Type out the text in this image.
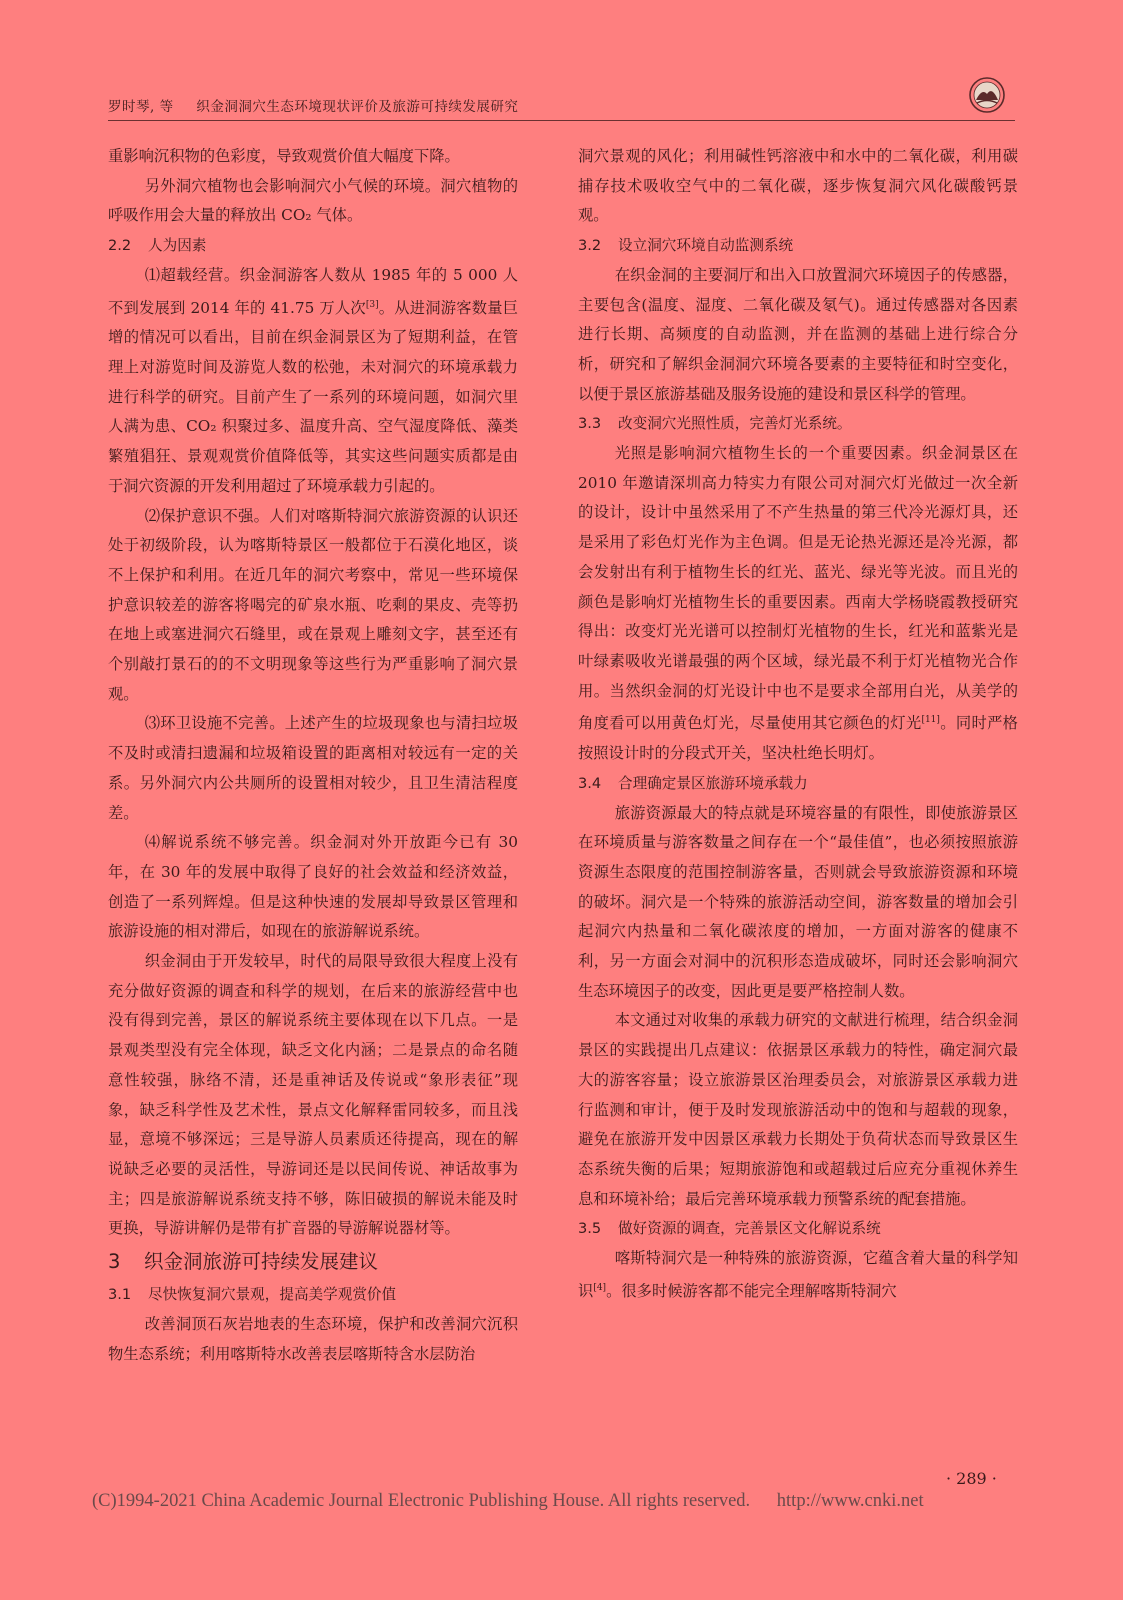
罗时琴, 等 织金洞洞穴生态环境现状评价及旅游可持续发展研究

重影响沉积物的色彩度，导致观赏价值大幅度下降。

另外洞穴植物也会影响洞穴小气候的环境。洞穴植物的呼吸作用会大量的释放出 CO₂ 气体。

2.2 人为因素

⑴超载经营。织金洞游客人数从 1985 年的 5 000 人不到发展到 2014 年的 41.75 万人次[3]。从进洞游客数量巨增的情况可以看出，目前在织金洞景区为了短期利益，在管理上对游览时间及游览人数的松弛，未对洞穴的环境承载力进行科学的研究。目前产生了一系列的环境问题，如洞穴里人满为患、CO₂ 积聚过多、温度升高、空气湿度降低、藻类繁殖猖狂、景观观赏价值降低等，其实这些问题实质都是由于洞穴资源的开发利用超过了环境承载力引起的。

⑵保护意识不强。人们对喀斯特洞穴旅游资源的认识还处于初级阶段，认为喀斯特景区一般都位于石漠化地区，谈不上保护和利用。在近几年的洞穴考察中，常见一些环境保护意识较差的游客将喝完的矿泉水瓶、吃剩的果皮、壳等扔在地上或塞进洞穴石缝里，或在景观上雕刻文字，甚至还有个别敲打景石的的不文明现象等这些行为严重影响了洞穴景观。

⑶环卫设施不完善。上述产生的垃圾现象也与清扫垃圾不及时或清扫遗漏和垃圾箱设置的距离相对较远有一定的关系。另外洞穴内公共厕所的设置相对较少，且卫生清洁程度差。

⑷解说系统不够完善。织金洞对外开放距今已有 30 年，在 30 年的发展中取得了良好的社会效益和经济效益，创造了一系列辉煌。但是这种快速的发展却导致景区管理和旅游设施的相对滞后，如现在的旅游解说系统。

织金洞由于开发较早，时代的局限导致很大程度上没有充分做好资源的调查和科学的规划，在后来的旅游经营中也没有得到完善，景区的解说系统主要体现在以下几点。一是景观类型没有完全体现，缺乏文化内涵；二是景点的命名随意性较强，脉络不清，还是重神话及传说或“象形表征”现象，缺乏科学性及艺术性，景点文化解释雷同较多，而且浅显，意境不够深远；三是导游人员素质还待提高，现在的解说缺乏必要的灵活性，导游词还是以民间传说、神话故事为主；四是旅游解说系统支持不够，陈旧破损的解说未能及时更换，导游讲解仍是带有扩音器的导游解说器材等。

3 织金洞旅游可持续发展建议

3.1 尽快恢复洞穴景观，提高美学观赏价值

改善洞顶石灰岩地表的生态环境，保护和改善洞穴沉积物生态系统；利用喀斯特水改善表层喀斯特含水层防治

洞穴景观的风化；利用碱性钙溶液中和水中的二氧化碳，利用碳捕存技术吸收空气中的二氧化碳，逐步恢复洞穴风化碳酸钙景观。

3.2 设立洞穴环境自动监测系统

在织金洞的主要洞厅和出入口放置洞穴环境因子的传感器，主要包含(温度、湿度、二氧化碳及氡气)。通过传感器对各因素进行长期、高频度的自动监测，并在监测的基础上进行综合分析，研究和了解织金洞洞穴环境各要素的主要特征和时空变化，以便于景区旅游基础及服务设施的建设和景区科学的管理。

3.3 改变洞穴光照性质，完善灯光系统。

光照是影响洞穴植物生长的一个重要因素。织金洞景区在 2010 年邀请深圳高力特实力有限公司对洞穴灯光做过一次全新的设计，设计中虽然采用了不产生热量的第三代冷光源灯具，还是采用了彩色灯光作为主色调。但是无论热光源还是冷光源，都会发射出有利于植物生长的红光、蓝光、绿光等光波。而且光的颜色是影响灯光植物生长的重要因素。西南大学杨晓霞教授研究得出：改变灯光光谱可以控制灯光植物的生长，红光和蓝紫光是叶绿素吸收光谱最强的两个区域，绿光最不利于灯光植物光合作用。当然织金洞的灯光设计中也不是要求全部用白光，从美学的角度看可以用黄色灯光，尽量使用其它颜色的灯光[11]。同时严格按照设计时的分段式开关，坚决杜绝长明灯。

3.4 合理确定景区旅游环境承载力

旅游资源最大的特点就是环境容量的有限性，即使旅游景区在环境质量与游客数量之间存在一个“最佳值”，也必须按照旅游资源生态限度的范围控制游客量，否则就会导致旅游资源和环境的破坏。洞穴是一个特殊的旅游活动空间，游客数量的增加会引起洞穴内热量和二氧化碳浓度的增加，一方面对游客的健康不利，另一方面会对洞中的沉积形态造成破坏，同时还会影响洞穴生态环境因子的改变，因此更是要严格控制人数。

本文通过对收集的承载力研究的文献进行梳理，结合织金洞景区的实践提出几点建议：依据景区承载力的特性，确定洞穴最大的游客容量；设立旅游景区治理委员会，对旅游景区承载力进行监测和审计，便于及时发现旅游活动中的饱和与超载的现象，避免在旅游开发中因景区承载力长期处于负荷状态而导致景区生态系统失衡的后果；短期旅游饱和或超载过后应充分重视休养生息和环境补给；最后完善环境承载力预警系统的配套措施。

3.5 做好资源的调查，完善景区文化解说系统

喀斯特洞穴是一种特殊的旅游资源，它蕴含着大量的科学知识[4]。很多时候游客都不能完全理解喀斯特洞穴

· 289 ·
(C)1994-2021 China Academic Journal Electronic Publishing House. All rights reserved. http://www.cnki.net
